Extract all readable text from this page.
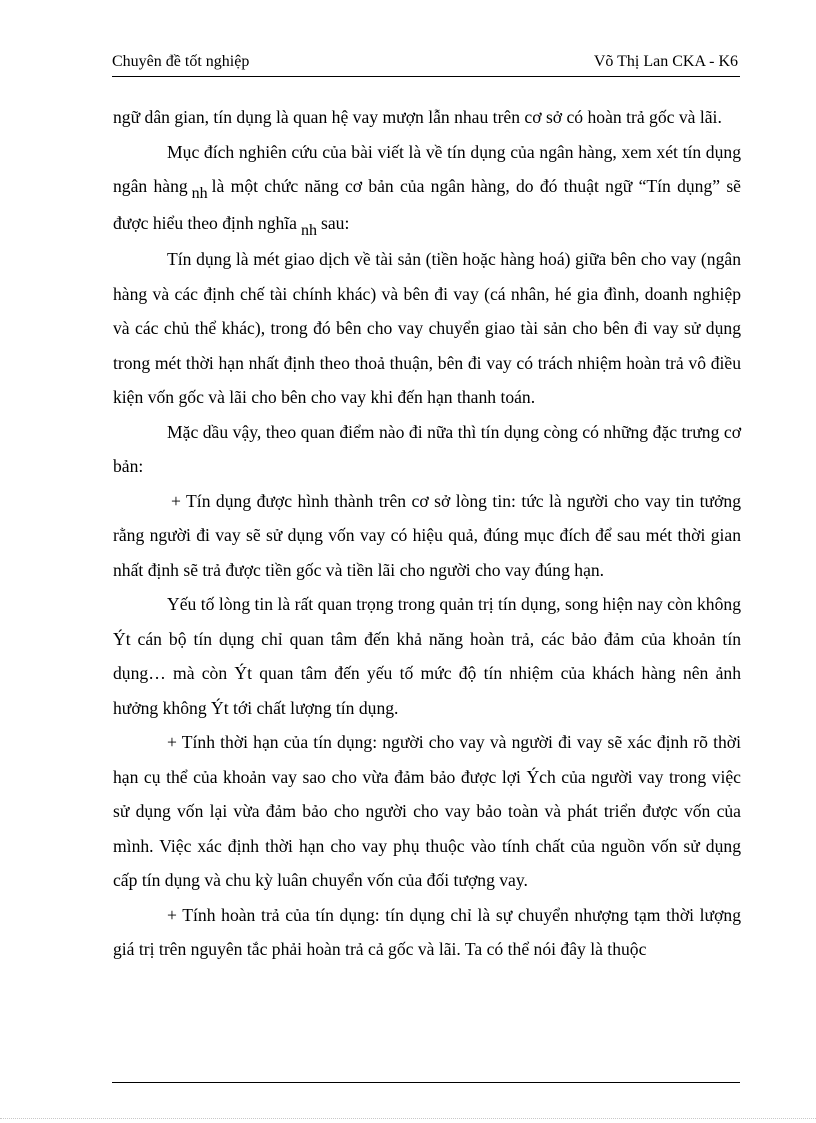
Chuyên đề tốt nghiệp	Võ Thị Lan CKA - K6

ngữ dân gian, tín dụng là quan hệ vay mượn lẫn nhau trên cơ sở có hoàn trả gốc và lãi.

Mục đích nghiên cứu của bài viết là về tín dụng của ngân hàng, xem xét tín dụng ngân hàng nh là một chức năng cơ bản của ngân hàng, do đó thuật ngữ “Tín dụng” sẽ được hiểu theo định nghĩa nh sau:

Tín dụng là mét giao dịch về tài sản (tiền hoặc hàng hoá) giữa bên cho vay (ngân hàng và các định chế tài chính khác) và bên đi vay (cá nhân, hé gia đình, doanh nghiệp và các chủ thể khác), trong đó bên cho vay chuyển giao tài sản cho bên đi vay sử dụng trong mét thời hạn nhất định theo thoả thuận, bên đi vay có trách nhiệm hoàn trả vô điều kiện vốn gốc và lãi cho bên cho vay khi đến hạn thanh toán.

Mặc dầu vậy, theo quan điểm nào đi nữa thì tín dụng còng có những đặc trưng cơ bản:

+ Tín dụng được hình thành trên cơ sở lòng tin: tức là người cho vay tin tưởng rằng người đi vay sẽ sử dụng vốn vay có hiệu quả, đúng mục đích để sau mét thời gian nhất định sẽ trả được tiền gốc và tiền lãi cho người cho vay đúng hạn.

Yếu tố lòng tin là rất quan trọng trong quản trị tín dụng, song hiện nay còn không Ýt cán bộ tín dụng chỉ quan tâm đến khả năng hoàn trả, các bảo đảm của khoản tín dụng… mà còn Ýt quan tâm đến yếu tố mức độ tín nhiệm của khách hàng nên ảnh hưởng không Ýt tới chất lượng tín dụng.

+ Tính thời hạn của tín dụng: người cho vay và người đi vay sẽ xác định rõ thời hạn cụ thể của khoản vay sao cho vừa đảm bảo được lợi Ých của người vay trong việc sử dụng vốn lại vừa đảm bảo cho người cho vay bảo toàn và phát triển được vốn của mình. Việc xác định thời hạn cho vay phụ thuộc vào tính chất của nguồn vốn sử dụng cấp tín dụng và chu kỳ luân chuyển vốn của đối tượng vay.

+ Tính hoàn trả của tín dụng: tín dụng chỉ là sự chuyển nhượng tạm thời lượng giá trị trên nguyên tắc phải hoàn trả cả gốc và lãi. Ta có thể nói đây là thuộc
